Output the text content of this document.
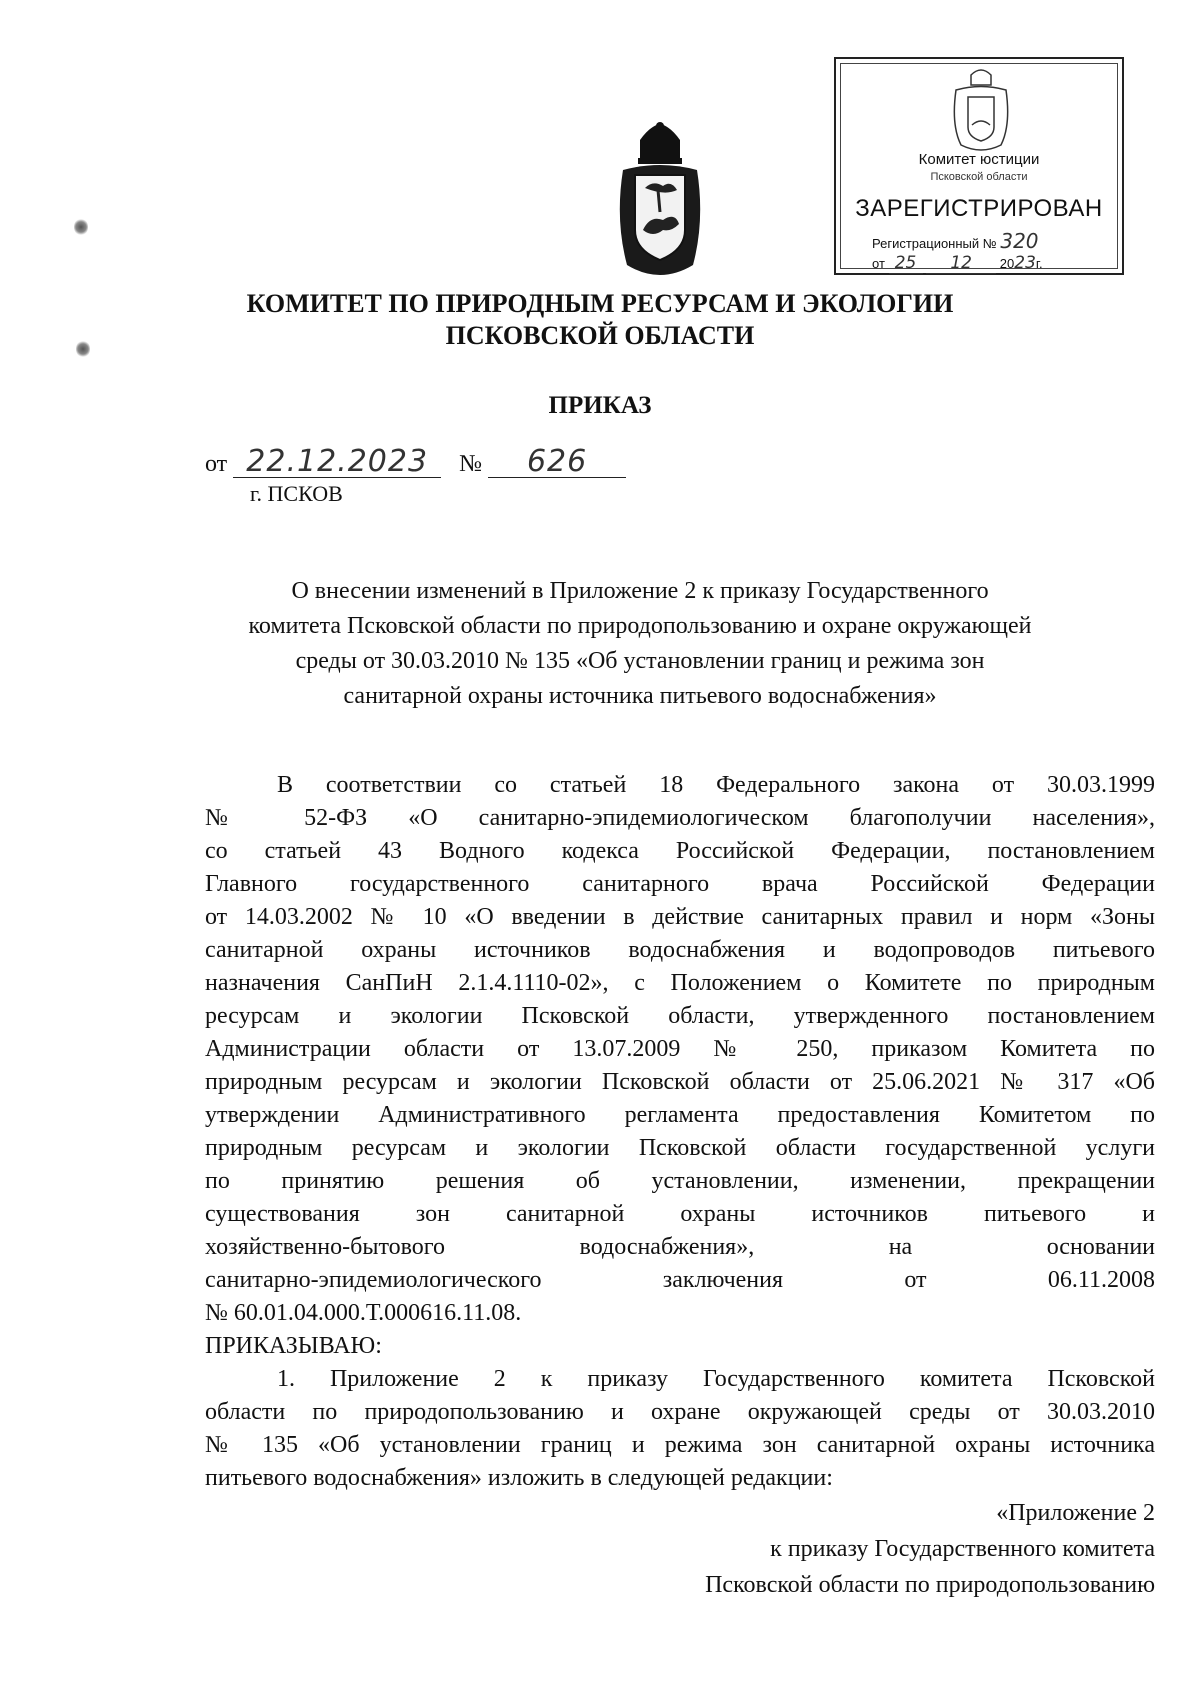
Комитет юстиции
Псковской области
ЗАРЕГИСТРИРОВАН
Регистрационный № 320
от 25 12 2023г.
КОМИТЕТ ПО ПРИРОДНЫМ РЕСУРСАМ И ЭКОЛОГИИ
ПСКОВСКОЙ ОБЛАСТИ
ПРИКАЗ
от 22.12.2023 № 626
г. ПСКОВ
О внесении изменений в Приложение 2 к приказу Государственного
комитета Псковской области по природопользованию и охране окружающей
среды от 30.03.2010 № 135 «Об установлении границ и режима зон
санитарной охраны источника питьевого водоснабжения»
В соответствии со статьей 18 Федерального закона от 30.03.1999
№ 52-ФЗ «О санитарно-эпидемиологическом благополучии населения»,
со статьей 43 Водного кодекса Российской Федерации, постановлением
Главного государственного санитарного врача Российской Федерации
от 14.03.2002 № 10 «О введении в действие санитарных правил и норм «Зоны
санитарной охраны источников водоснабжения и водопроводов питьевого
назначения СанПиН 2.1.4.1110-02», с Положением о Комитете по природным
ресурсам и экологии Псковской области, утвержденного постановлением
Администрации области от 13.07.2009 № 250, приказом Комитета по
природным ресурсам и экологии Псковской области от 25.06.2021 № 317 «Об
утверждении Административного регламента предоставления Комитетом по
природным ресурсам и экологии Псковской области государственной услуги
по принятию решения об установлении, изменении, прекращении
существования зон санитарной охраны источников питьевого и
хозяйственно-бытового водоснабжения», на основании
санитарно-эпидемиологического заключения от 06.11.2008
№ 60.01.04.000.Т.000616.11.08.
ПРИКАЗЫВАЮ:
1. Приложение 2 к приказу Государственного комитета Псковской
области по природопользованию и охране окружающей среды от 30.03.2010
№ 135 «Об установлении границ и режима зон санитарной охраны источника
питьевого водоснабжения» изложить в следующей редакции:
«Приложение 2
к приказу Государственного комитета
Псковской области по природопользованию
